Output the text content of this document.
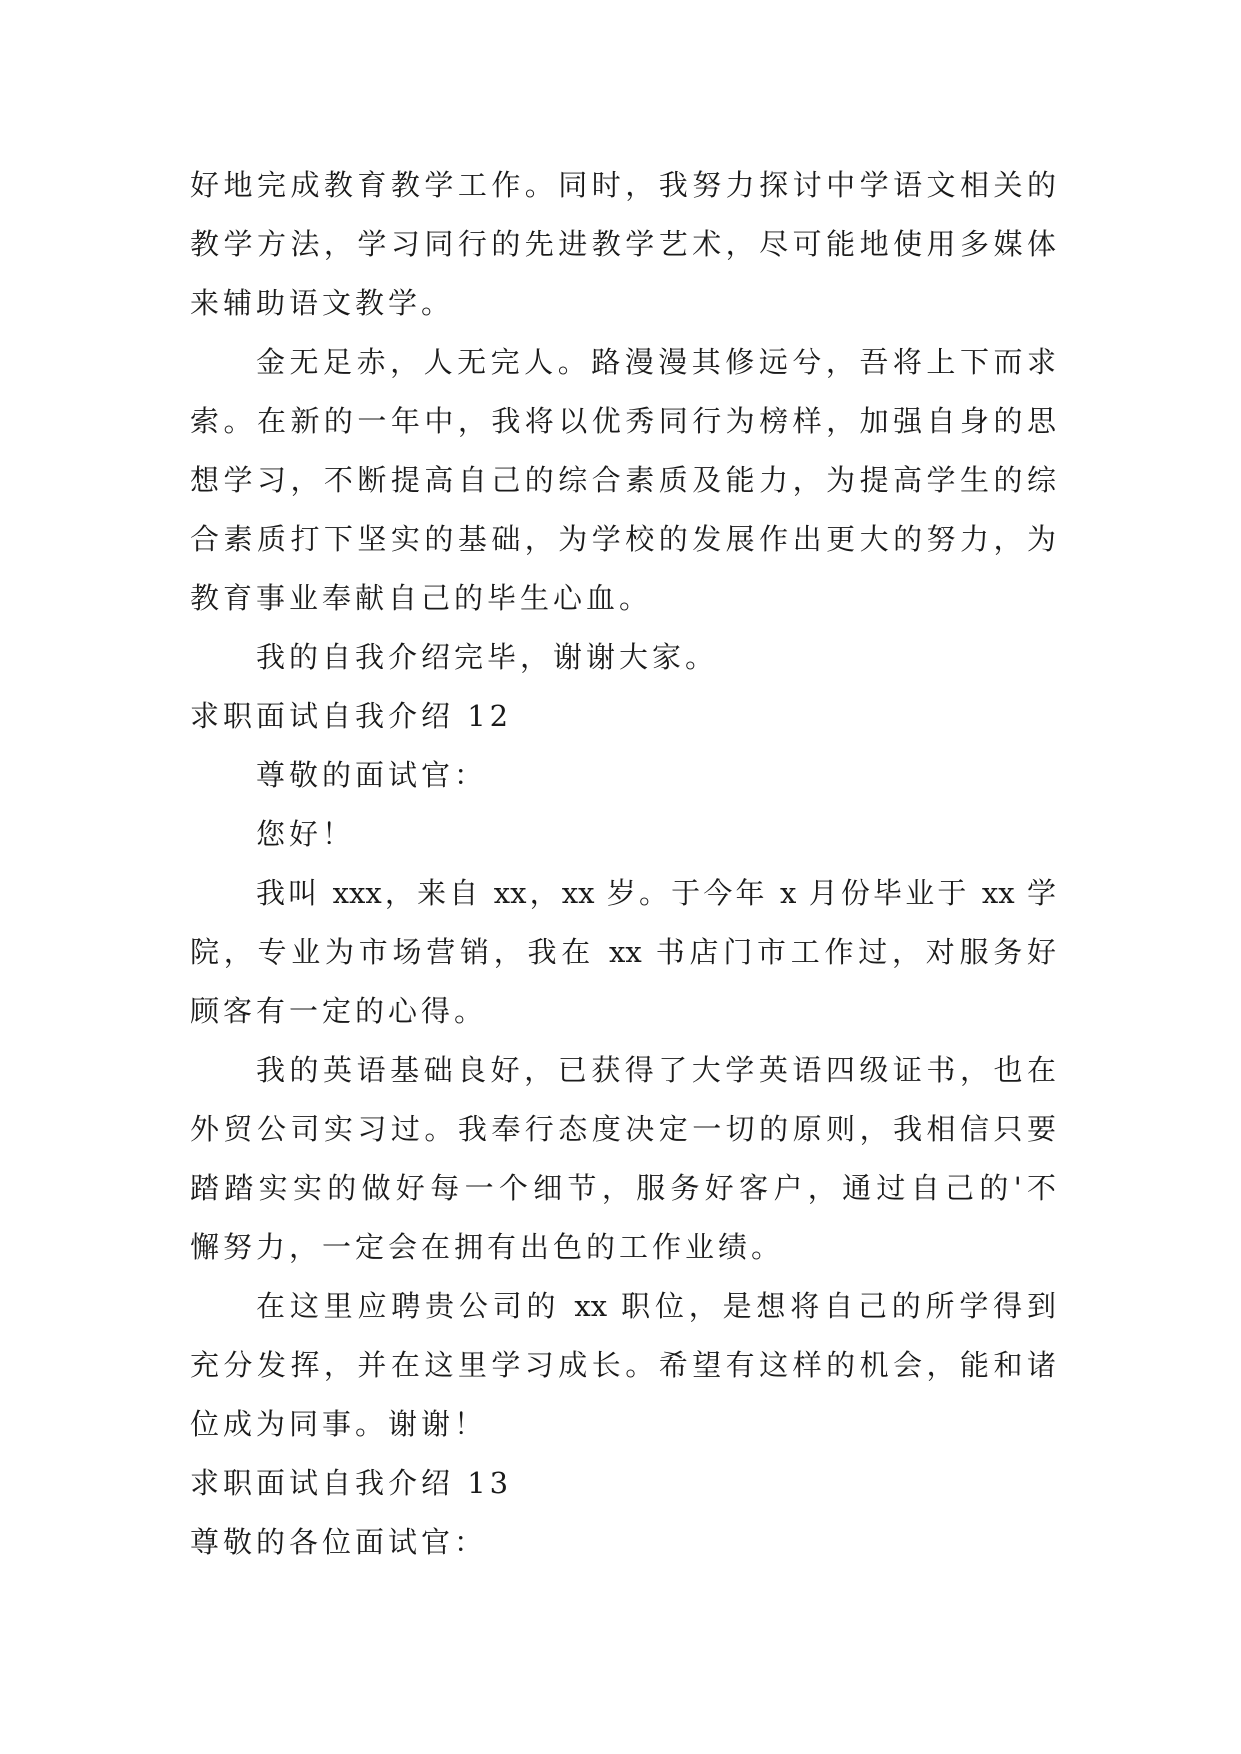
好地完成教育教学工作。同时，我努力探讨中学语文相关的
教学方法，学习同行的先进教学艺术，尽可能地使用多媒体
来辅助语文教学。
金无足赤，人无完人。路漫漫其修远兮，吾将上下而求
索。在新的一年中，我将以优秀同行为榜样，加强自身的思
想学习，不断提高自己的综合素质及能力，为提高学生的综
合素质打下坚实的基础，为学校的发展作出更大的努力，为
教育事业奉献自己的毕生心血。
我的自我介绍完毕，谢谢大家。
求职面试自我介绍 12
尊敬的面试官：
您好！
我叫 xxx，来自 xx，xx 岁。于今年 x 月份毕业于 xx 学
院，专业为市场营销，我在 xx 书店门市工作过，对服务好
顾客有一定的心得。
我的英语基础良好，已获得了大学英语四级证书，也在
外贸公司实习过。我奉行态度决定一切的原则，我相信只要
踏踏实实的做好每一个细节，服务好客户，通过自己的'不
懈努力，一定会在拥有出色的工作业绩。
在这里应聘贵公司的 xx 职位，是想将自己的所学得到
充分发挥，并在这里学习成长。希望有这样的机会，能和诸
位成为同事。谢谢！
求职面试自我介绍 13
尊敬的各位面试官：
